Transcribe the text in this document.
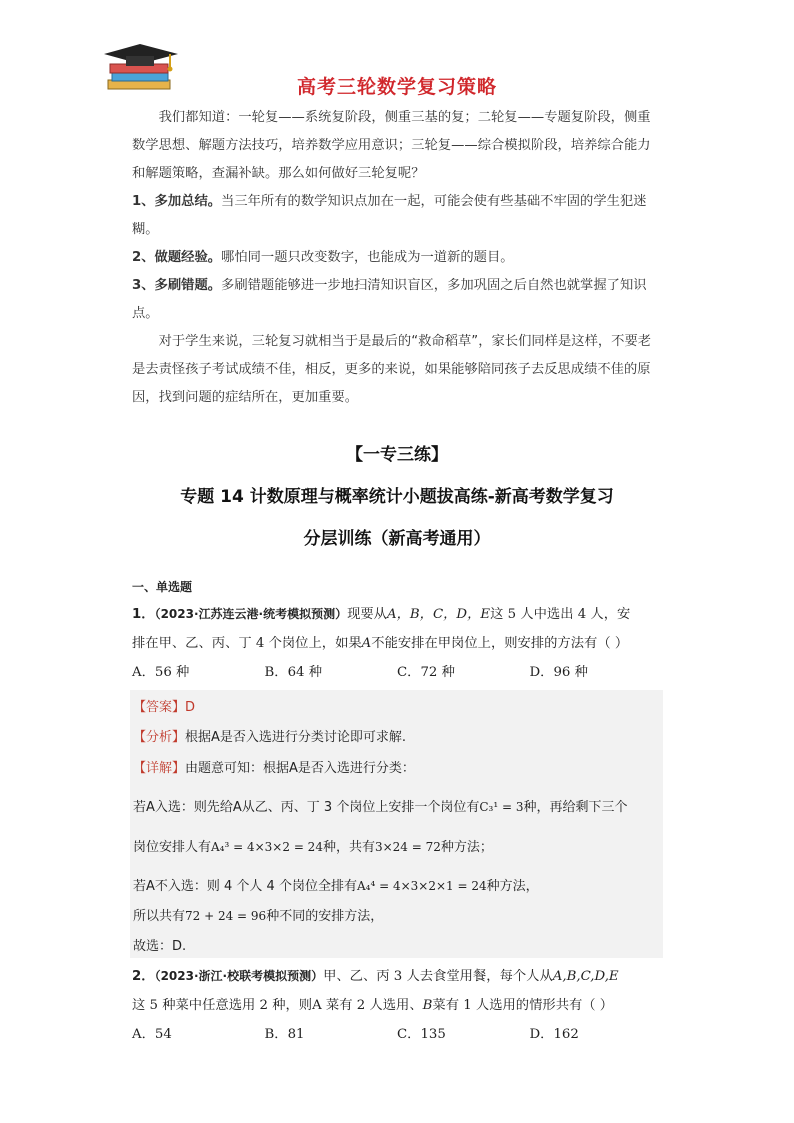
高考三轮数学复习策略

我们都知道：一轮复——系统复阶段，侧重三基的复；二轮复——专题复阶段，侧重数学思想、解题方法技巧，培养数学应用意识；三轮复——综合模拟阶段，培养综合能力和解题策略，查漏补缺。那么如何做好三轮复呢？

1、多加总结。当三年所有的数学知识点加在一起，可能会使有些基础不牢固的学生犯迷糊。

2、做题经验。哪怕同一题只改变数字，也能成为一道新的题目。

3、多刷错题。多刷错题能够进一步地扫清知识盲区，多加巩固之后自然也就掌握了知识点。

对于学生来说，三轮复习就相当于是最后的“救命稻草”，家长们同样是这样，不要老是去责怪孩子考试成绩不佳，相反，更多的来说，如果能够陪同孩子去反思成绩不佳的原因，找到问题的症结所在，更加重要。

【一专三练】
专题 14 计数原理与概率统计小题拔高练-新高考数学复习
分层训练（新高考通用）
一、单选题

1．（2023·江苏连云港·统考模拟预测）现要从A，B，C，D，E这 5 人中选出 4 人，安

排在甲、乙、丙、丁 4 个岗位上，如果A不能安排在甲岗位上，则安排的方法有（ ）

A．56 种	B．64 种	C．72 种	D．96 种
【答案】D
【分析】根据A是否入选进行分类讨论即可求解.
【详解】由题意可知：根据A是否入选进行分类：
若A入选：则先给A从乙、丙、丁 3 个岗位上安排一个岗位有C₃¹ = 3种，再给剩下三个
岗位安排人有A₄³ = 4×3×2 = 24种，共有3×24 = 72种方法；
若A不入选：则 4 个人 4 个岗位全排有A₄⁴ = 4×3×2×1 = 24种方法，
所以共有72 + 24 = 96种不同的安排方法，
故选：D.

2．（2023·浙江·校联考模拟预测）甲、乙、丙 3 人去食堂用餐，每个人从A,B,C,D,E

这 5 种菜中任意选用 2 种，则A 菜有 2 人选用、B菜有 1 人选用的情形共有（ ）

A．54	B．81	C．135	D．162
